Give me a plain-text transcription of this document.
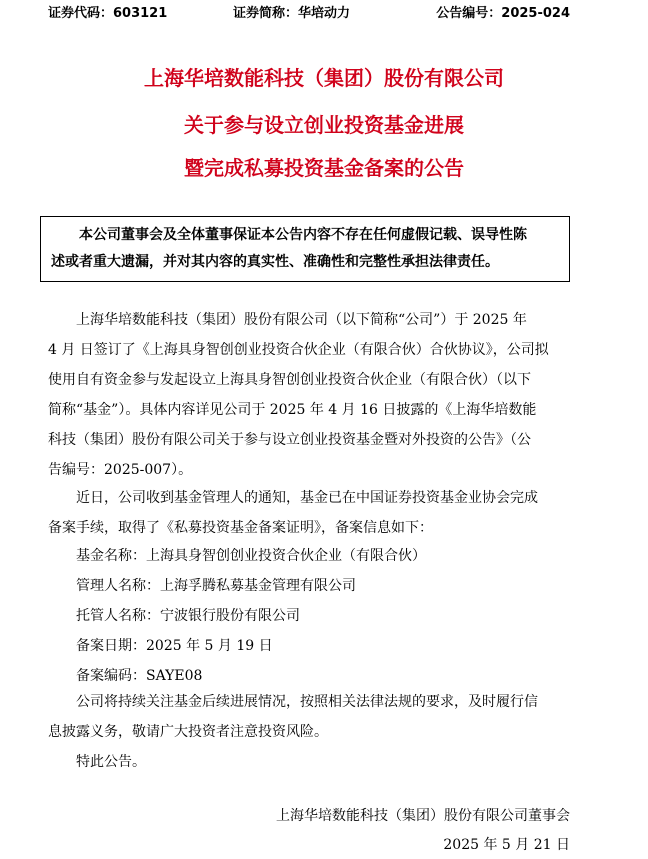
证券代码：603121	证券简称：华培动力	公告编号：2025-024
上海华培数能科技（集团）股份有限公司
关于参与设立创业投资基金进展
暨完成私募投资基金备案的公告
本公司董事会及全体董事保证本公告内容不存在任何虚假记载、误导性陈
述或者重大遗漏，并对其内容的真实性、准确性和完整性承担法律责任。
上海华培数能科技（集团）股份有限公司（以下简称“公司”）于 2025 年
4 月 日签订了《上海具身智创创业投资合伙企业（有限合伙）合伙协议》，公司拟
使用自有资金参与发起设立上海具身智创创业投资合伙企业（有限合伙）（以下
简称“基金”）。具体内容详见公司于 2025 年 4 月 16 日披露的《上海华培数能
科技（集团）股份有限公司关于参与设立创业投资基金暨对外投资的公告》（公
告编号：2025-007）。
近日，公司收到基金管理人的通知，基金已在中国证券投资基金业协会完成
备案手续，取得了《私募投资基金备案证明》，备案信息如下：
基金名称：上海具身智创创业投资合伙企业（有限合伙）
管理人名称：上海孚腾私募基金管理有限公司
托管人名称：宁波银行股份有限公司
备案日期：2025 年 5 月 19 日
备案编码：SAYE08
公司将持续关注基金后续进展情况，按照相关法律法规的要求，及时履行信
息披露义务，敬请广大投资者注意投资风险。
特此公告。
上海华培数能科技（集团）股份有限公司董事会
2025 年 5 月 21 日
